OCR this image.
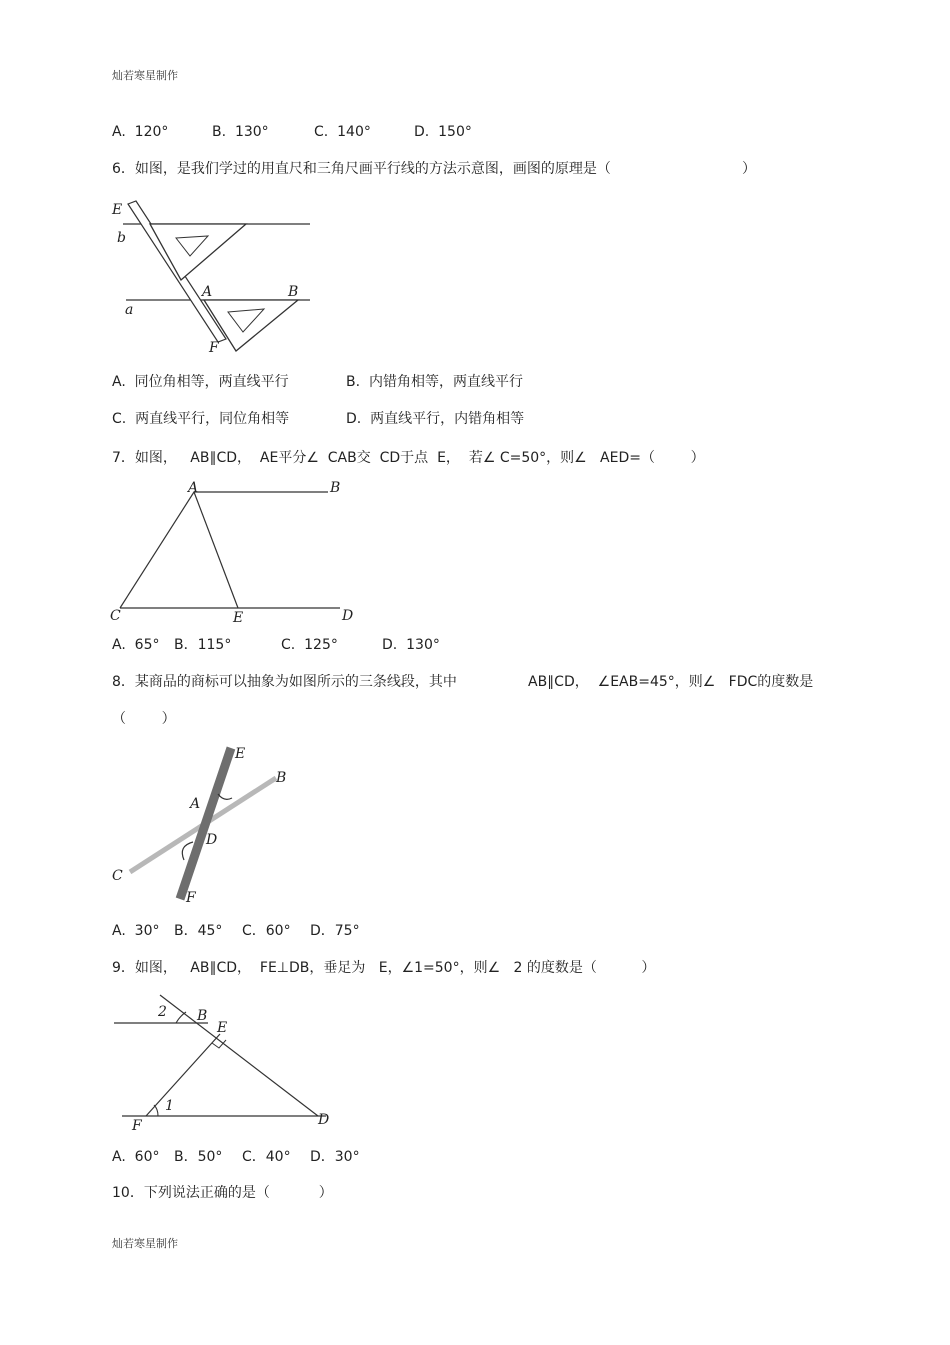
灿若寒星制作
A.  120°	B.  130°	C.  140°	D.  150°
6．如图，是我们学过的用直尺和三角尺画平行线的方法示意图，画图的原理是（	）
E
b
A	B
a
F
A.  同位角相等，两直线平行	B.  内错角相等，两直线平行
C.  两直线平行，同位角相等	D.  两直线平行，内错角相等
7．如图，   AB∥CD，  AE平分∠  CAB交  CD于点  E，  若∠ C=50°，则∠   AED=（        ）
A	B
C	E	D
A.  65° B．115°	C.  125°	D.  130°
8．某商品的商标可以抽象为如图所示的三条线段，其中	AB∥CD，  ∠EAB=45°，则∠   FDC的度数是
（        ）
E
B
A
D
C
F
A.  30° B．45° C．60° D．75°
9．如图，   AB∥CD，  FE⊥DB，垂足为   E，∠1=50°，则∠   2 的度数是（          ）
2 B
E
1
F	D
A.  60° B．50° C．40° D．30°
10．下列说法正确的是（           ）
灿若寒星制作
